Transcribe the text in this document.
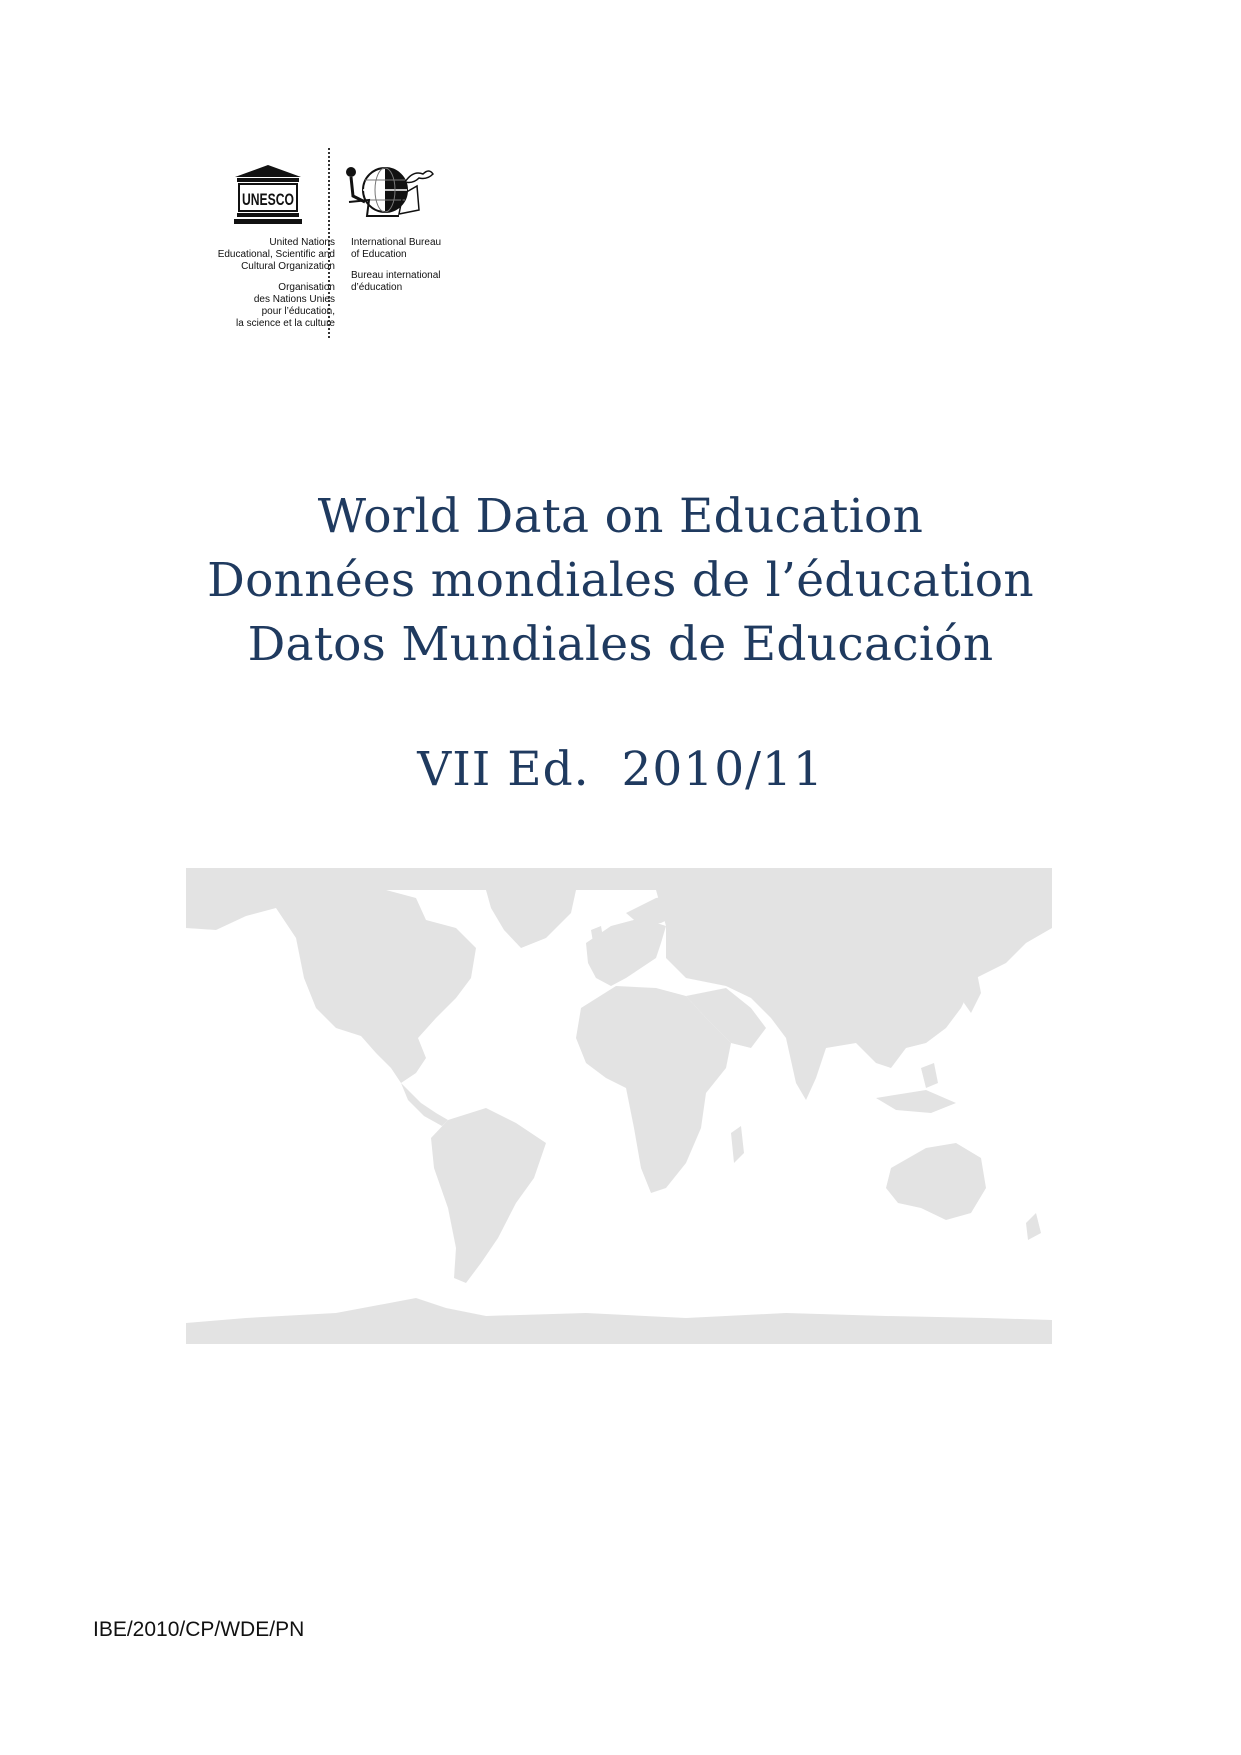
UNESCO

United Nations
Educational, Scientific and
Cultural Organization

Organisation
des Nations Unies
pour l’éducation,
la science et la culture

International Bureau
of Education

Bureau international
d’éducation

World Data on Education
Données mondiales de l’éducation
Datos Mundiales de Educación
VII Ed.  2010/11
IBE/2010/CP/WDE/PN
